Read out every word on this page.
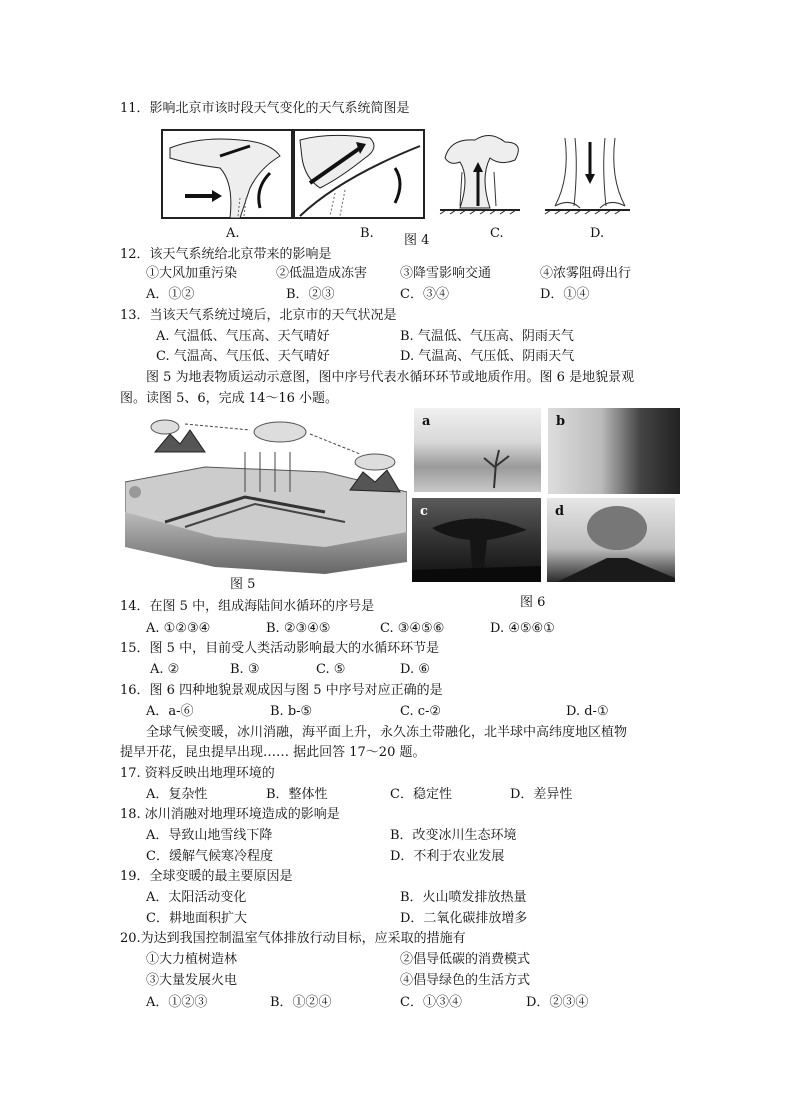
11．影响北京市该时段天气变化的天气系统简图是
A.	B. 图 4	C.	D.
12．该天气系统给北京带来的影响是
①大风加重污染	②低温造成冻害	③降雪影响交通	④浓雾阻碍出行
A．①②	B．②③	C．③④	D．①④
13．当该天气系统过境后，北京市的天气状况是
A. 气温低、气压高、天气晴好	B. 气温低、气压高、阴雨天气
C. 气温高、气压低、天气晴好	D. 气温高、气压低、阴雨天气
图 5 为地表物质运动示意图，图中序号代表水循环环节或地质作用。图 6 是地貌景观
图。读图 5、6，完成 14～16 小题。
图 5
a	b
c	d
图 6
14．在图 5 中，组成海陆间水循环的序号是
A. ①②③④	B. ②③④⑤	C. ③④⑤⑥	D. ④⑤⑥①
15．图 5 中，目前受人类活动影响最大的水循环环节是
A. ②	B. ③	C. ⑤	D. ⑥
16．图 6 四种地貌景观成因与图 5 中序号对应正确的是
A．a-⑥	B. b-⑤	C. c-②	D. d-①
全球气候变暖，冰川消融，海平面上升，永久冻土带融化，北半球中高纬度地区植物
提早开花，昆虫提早出现…… 据此回答 17～20 题。
17. 资料反映出地理环境的
A．复杂性	B．整体性	C．稳定性	D．差异性
18. 冰川消融对地理环境造成的影响是
A．导致山地雪线下降	B．改变冰川生态环境
C．缓解气候寒冷程度	D．不利于农业发展
19．全球变暖的最主要原因是
A．太阳活动变化	B．火山喷发排放热量
C．耕地面积扩大	D．二氧化碳排放增多
20.为达到我国控制温室气体排放行动目标，应采取的措施有
①大力植树造林	②倡导低碳的消费模式
③大量发展火电	④倡导绿色的生活方式
A．①②③	B．①②④	C．①③④	D．②③④
